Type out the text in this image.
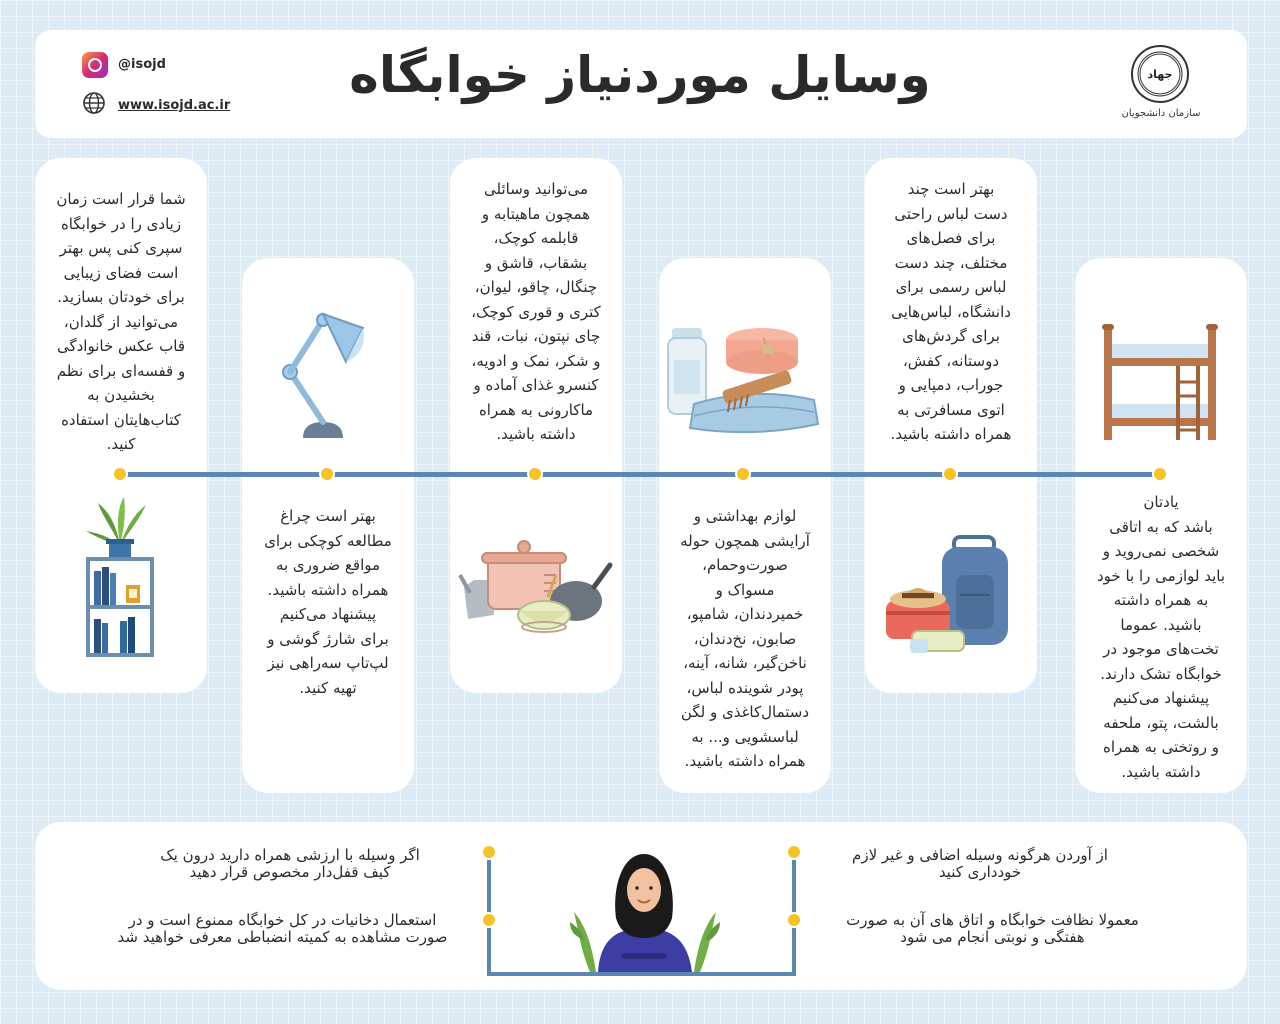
@isojd
www.isojd.ac.ir
وسایل موردنیاز خوابگاه	جهاد
سازمان دانشجویان
شما قرار است زمان
زیادی را در خوابگاه
سپری کنی پس بهتر
است فضای زیبایی
برای خودتان بسازید.
می‌توانید از گلدان،
قاب عکس خانوادگی
و قفسه‌ای برای نظم
بخشیدن به
کتاب‌هایتان استفاده
کنید.
بهتر است چراغ
مطالعه کوچکی برای
مواقع ضروری به
همراه داشته باشید.
پیشنهاد می‌کنیم
برای شارژ گوشی و
لپ‌تاپ سه‌راهی نیز
تهیه کنید.
می‌توانید وسائلی
همچون ماهیتابه و
قابلمه کوچک،
بشقاب، قاشق و
چنگال، چاقو، لیوان،
کتری و قوری کوچک،
چای نپتون، نبات، قند
و شکر، نمک و ادویه،
کنسرو غذای آماده و
ماکارونی به همراه
داشته باشید.
لوازم بهداشتی و
آرایشی همچون حوله
صورت‌وحمام،
مسواک و
خمیردندان، شامپو،
صابون، نخ‌دندان،
ناخن‌گیر، شانه، آینه،
پودر شوینده لباس،
دستمال‌کاغذی و لگن
لباسشویی و... به
همراه داشته باشید.
بهتر است چند
دست لباس راحتی
برای فصل‌های
مختلف، چند دست
لباس رسمی برای
دانشگاه، لباس‌هایی
برای گردش‌های
دوستانه، کفش،
جوراب، دمپایی و
اتوی مسافرتی به
همراه داشته باشید.
یادتان
باشد که به اتاقی
شخصی نمی‌روید و
باید لوازمی را با خود
به همراه داشته
باشید. عموما
تخت‌های موجود در
خوابگاه تشک دارند.
پیشنهاد می‌کنیم
بالشت، پتو، ملحفه
و روتختی به همراه
داشته باشید.
از آوردن هرگونه وسیله اضافی و غیر لازم
خودداری کنید
معمولا نظافت خوابگاه و اتاق های آن به صورت
هفتگی و نوبتی انجام می شود
اگر وسیله با ارزشی همراه دارید درون یک
کیف قفل‌دار مخصوص قرار دهید
استعمال دخانیات در کل خوابگاه ممنوع است و در
صورت مشاهده به کمیته انضباطی معرفی خواهید شد
